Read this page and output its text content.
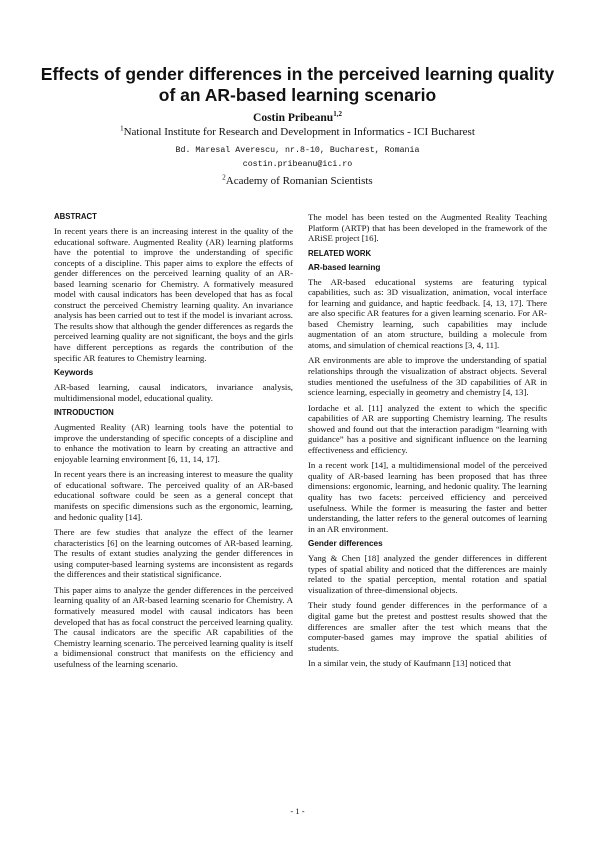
Effects of gender differences in the perceived learning quality of an AR-based learning scenario
Costin Pribeanu$^{1,2}$
$^1$National Institute for Research and Development in Informatics - ICI Bucharest
Bd. Maresal Averescu, nr.8-10, Bucharest, Romania
costin.pribeanu@ici.ro
$^2$Academy of Romanian Scientists
ABSTRACT

In recent years there is an increasing interest in the quality of the educational software. Augmented Reality (AR) learning platforms have the potential to improve the understanding of specific concepts of a discipline. This paper aims to explore the effects of gender differences on the perceived learning quality of an AR-based learning scenario for Chemistry. A formatively measured model with causal indicators has been developed that has as focal construct the perceived Chemistry learning quality. An invariance analysis has been carried out to test if the model is invariant across. The results show that although the gender differences as regards the perceived learning quality are not significant, the boys and the girls have different perceptions as regards the contribution of the specific AR features to Chemistry learning.

Keywords

AR-based learning, causal indicators, invariance analysis, multidimensional model, educational quality.

INTRODUCTION

Augmented Reality (AR) learning tools have the potential to improve the understanding of specific concepts of a discipline and to enhance the motivation to learn by creating an attractive and enjoyable learning environment [6, 11, 14, 17].

In recent years there is an increasing interest to measure the quality of educational software. The perceived quality of an AR-based educational software could be seen as a general concept that manifests on specific dimensions such as the ergonomic, learning, and hedonic quality [14].

There are few studies that analyze the effect of the learner characteristics [6] on the learning outcomes of AR-based learning. The results of extant studies analyzing the gender differences in using computer-based learning systems are inconsistent as regards the differences and their statistical significance.

This paper aims to analyze the gender differences in the perceived learning quality of an AR-based learning scenario for Chemistry. A formatively measured model with causal indicators has been developed that has as focal construct the perceived learning quality. The causal indicators are the specific AR capabilities of the Chemistry learning scenario. The perceived learning quality is itself a bidimensional construct that manifests on the efficiency and usefulness of the learning scenario.

The model has been tested on the Augmented Reality Teaching Platform (ARTP) that has been developed in the framework of the ARiSE project [16].

RELATED WORK
AR-based learning

The AR-based educational systems are featuring typical capabilities, such as: 3D visualization, animation, vocal interface for learning and guidance, and haptic feedback. [4, 13, 17]. There are also specific AR features for a given learning scenario. For AR-based Chemistry learning, such capabilities may include augmentation of an atom structure, building a molecule from atoms, and simulation of chemical reactions [3, 4, 11].

AR environments are able to improve the understanding of spatial relationships through the visualization of abstract objects. Several studies mentioned the usefulness of the 3D capabilities of AR in science learning, especially in geometry and chemistry [4, 13].

Iordache et al. [11] analyzed the extent to which the specific capabilities of AR are supporting Chemistry learning. The results showed and found out that the interaction paradigm “learning with guidance” has a positive and significant influence on the learning effectiveness and efficiency.

In a recent work [14], a multidimensional model of the perceived quality of AR-based learning has been proposed that has three dimensions: ergonomic, learning, and hedonic quality. The learning quality has two facets: perceived efficiency and perceived usefulness. While the former is measuring the faster and better understanding, the latter refers to the general outcomes of learning in an AR environment.

Gender differences

Yang & Chen [18] analyzed the gender differences in different types of spatial ability and noticed that the differences are mainly related to the spatial perception, mental rotation and spatial visualization of three-dimensional objects.

Their study found gender differences in the performance of a digital game but the pretest and posttest results showed that the differences are smaller after the test which means that the computer-based games may improve the spatial abilities of students.

In a similar vein, the study of Kaufmann [13] noticed that

- 1 -
